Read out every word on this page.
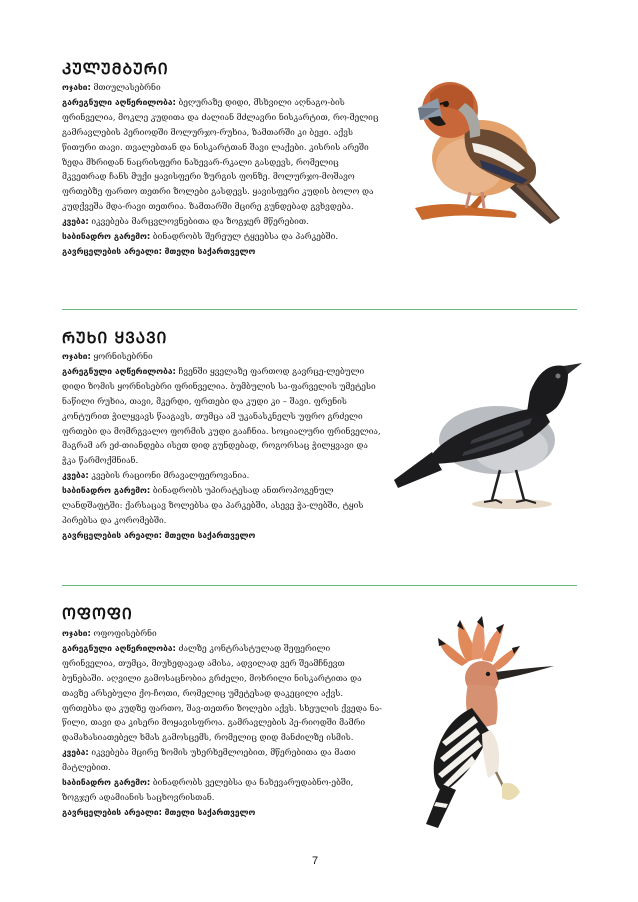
ᲙᲣᲚᲣᲛᲑᲣᲠᲘ

ოჯახი: მთიულასებრნი

გარეგნული აღწერილობა: ბეღურაზე დიდი, მსხვილი აღნაგო-ბის ფრინველია, მოკლე კუდითა და ძალიან მძლავრი ნისკარტით, რო-მელიც გამრავლების პერიოდში მოლურჯო-რუხია, ზამთარში კი ბეჟი. აქვს წითური თავი. თვალებთან და ნისკარტთან შავი ლაქები. კისრის არეში ზედა მხრიდან ნაცრისფერი ნახევარ-რკალი გასდევს, რომელიც მკვეთრად ჩანს მუქი ყავისფერი ზურგის ფონზე. მოლურჯო-მოშავო ფრთებზე ფართო თეთრი ზოლები გასდევს. ყავისფერი კუდის ბოლო და კუდქვეშა მდა-რავი თეთრია. ზამთარში მცირე გუნდებად გვხვდება.

კვება: იკვებება მარცვლოვნებითა და ზოგჯერ მწერებით.

საბინადრო გარემო: ბინადრობს შერეულ ტყეებსა და პარკებში.

გავრცელების არეალი: მთელი საქართველო

ᲠᲣᲮᲘ ᲧᲕᲐᲕᲘ

ოჯახი: ყორნისებრნი

გარეგნული აღწერილობა: ჩვენში ყველაზე ფართოდ გავრცე-ლებული დიდი ზომის ყორნისებრი ფრინველია. ბუმბულის სა-ფარველის უმეტესი ნაწილი რუხია, თავი, მკერდი, ფრთები და კუდი კი – შავი. ფრენის კონტურით ჭილყვავს წააგავს, თუმცა ამ უკანასკნელს უფრო გრძელი ფრთები და მომრგვალო ფორმის კუდი გააჩნია. სოციალური ფრინველია, მაგრამ არ ეძ-თიანდება ისეთ დიდ გუნდებად, როგორსაც ჭილყვავი და ჭკა წარმოქმნიან.

კვება: კვების რაციონი მრავალფეროვანია.

საბინადრო გარემო: ბინადრობს უპირატესად ანთროპოგენულ ლანდშაფტში: ქარსაცავ ზოლებსა და პარკებში, ასევე ჭა-ლებში, ტყის პირებსა და კორომებში.

გავრცელების არეალი: მთელი საქართველო

ᲝᲤᲝᲤᲘ

ოჯახი: ოფოფისებრნი

გარეგნული აღწერილობა: ძალზე კონტრასტულად შეფერილი ფრინველია, თუმცა, მიუხედავად ამისა, ადვილად ვერ შეამჩნევთ ბუნებაში. აღვილი გამოსაცნობია გრძელი, მოხრილი ნისკარტითა და თავზე არსებული ქო-ჩოთი, რომელიც უმეტესად დაკეცილი აქვს. ფრთებსა და კუდზე ფართო, შავ-თეთრი ზოლები აქვს. სხეულის ქვედა ნა-წილი, თავი და კისერი მოყავისფროა. გამრავლების პე-რიოდში მამრი დამახასიათებელ ხმას გამოსცემს, რომელიც დიდ მანძილზე ისმის.

კვება: იკვებება მცირე ზომის უხერხემლოებით, მწერებითა და მათი მატლებით.

საბინადრო გარემო: ბინადრობს ველებსა და ნახევარუდაბნო-ებში, ზოგჯერ ადამიანის საცხოვრისთან.

გავრცელების არეალი: მთელი საქართველო

7
